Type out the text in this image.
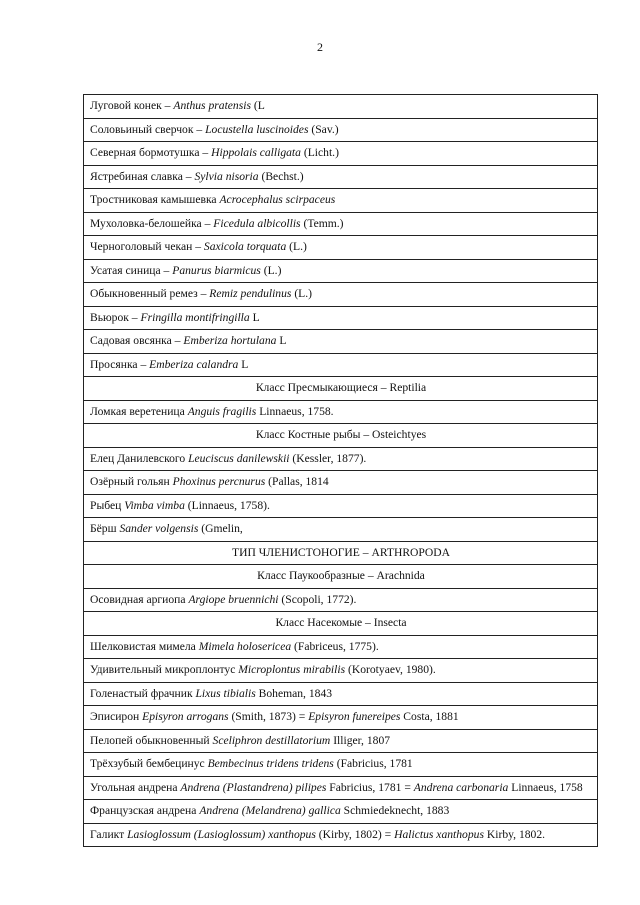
2
Луговой конек – Anthus pratensis (L
Соловьиный сверчок – Locustella luscinoides (Sav.)
Северная бормотушка – Hippolais calligata (Licht.)
Ястребиная славка – Sylvia nisoria (Bechst.)
Тростниковая камышевка Acrocephalus scirpaceus
Мухоловка-белошейка – Ficedula albicollis (Temm.)
Черноголовый чекан – Saxicola torquata (L.)
Усатая синица – Panurus biarmicus (L.)
Обыкновенный ремез – Remiz pendulinus (L.)
Вьюрок – Fringilla montifringilla L
Садовая овсянка – Emberiza hortulana L
Просянка – Emberiza calandra L
Класс Пресмыкающиеся – Reptilia
Ломкая веретеница Anguis fragilis Linnaeus, 1758.
Класс Костные рыбы – Osteichtyes
Елец Данилевского Leuciscus danilewskii (Kessler, 1877).
Озёрный гольян Phoxinus percnurus (Pallas, 1814
Рыбец Vimba vimba (Linnaeus, 1758).
Бёрш Sander volgensis (Gmelin,
ТИП ЧЛЕНИСТОНОГИЕ – ARTHROPODA
Класс Паукообразные – Arachnida
Осовидная аргиопа Argiope bruennichi (Scopoli, 1772).
Класс Насекомые – Insecta
Шелковистая мимела Mimela holosericea (Fabriceus, 1775).
Удивительный микроплонтус Microplontus mirabilis (Korotyaev, 1980).
Голенастый фрачник Lixus tibialis Boheman, 1843
Эписирон Episyron arrogans (Smith, 1873) = Episyron funereipes Costa, 1881
Пелопей обыкновенный Sceliphron destillatorium Illiger, 1807
Трёхзубый бембецинус Bembecinus tridens tridens (Fabricius, 1781
Угольная андрена Andrena (Plastandrena) pilipes Fabricius, 1781 = Andrena carbonaria Linnaeus, 1758
Французская андрена Andrena (Melandrena) gallica Schmiedeknecht, 1883
Галикт Lasioglossum (Lasioglossum) xanthopus (Kirby, 1802) = Halictus xanthopus Kirby, 1802.
